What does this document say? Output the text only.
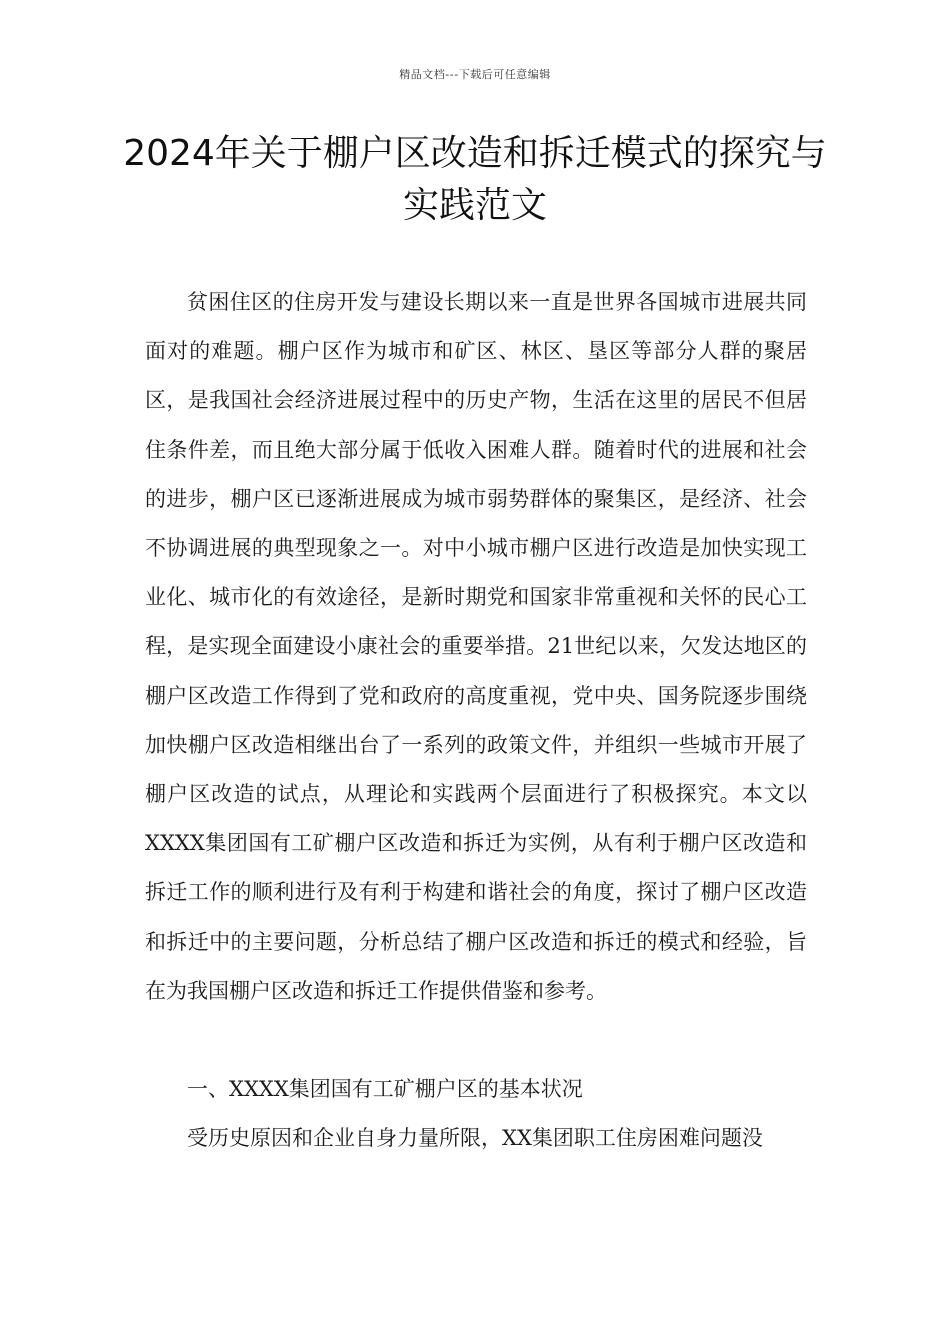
精品文档---下载后可任意编辑
2024年关于棚户区改造和拆迁模式的探究与实践范文

贫困住区的住房开发与建设长期以来一直是世界各国城市进展共同面对的难题。棚户区作为城市和矿区、林区、垦区等部分人群的聚居区，是我国社会经济进展过程中的历史产物，生活在这里的居民不但居住条件差，而且绝大部分属于低收入困难人群。随着时代的进展和社会的进步，棚户区已逐渐进展成为城市弱势群体的聚集区，是经济、社会不协调进展的典型现象之一。对中小城市棚户区进行改造是加快实现工业化、城市化的有效途径，是新时期党和国家非常重视和关怀的民心工程，是实现全面建设小康社会的重要举措。21世纪以来，欠发达地区的棚户区改造工作得到了党和政府的高度重视，党中央、国务院逐步围绕加快棚户区改造相继出台了一系列的政策文件，并组织一些城市开展了棚户区改造的试点，从理论和实践两个层面进行了积极探究。本文以XXXX集团国有工矿棚户区改造和拆迁为实例，从有利于棚户区改造和拆迁工作的顺利进行及有利于构建和谐社会的角度，探讨了棚户区改造和拆迁中的主要问题，分析总结了棚户区改造和拆迁的模式和经验，旨在为我国棚户区改造和拆迁工作提供借鉴和参考。

一、XXXX集团国有工矿棚户区的基本状况

受历史原因和企业自身力量所限，XX集团职工住房困难问题没
